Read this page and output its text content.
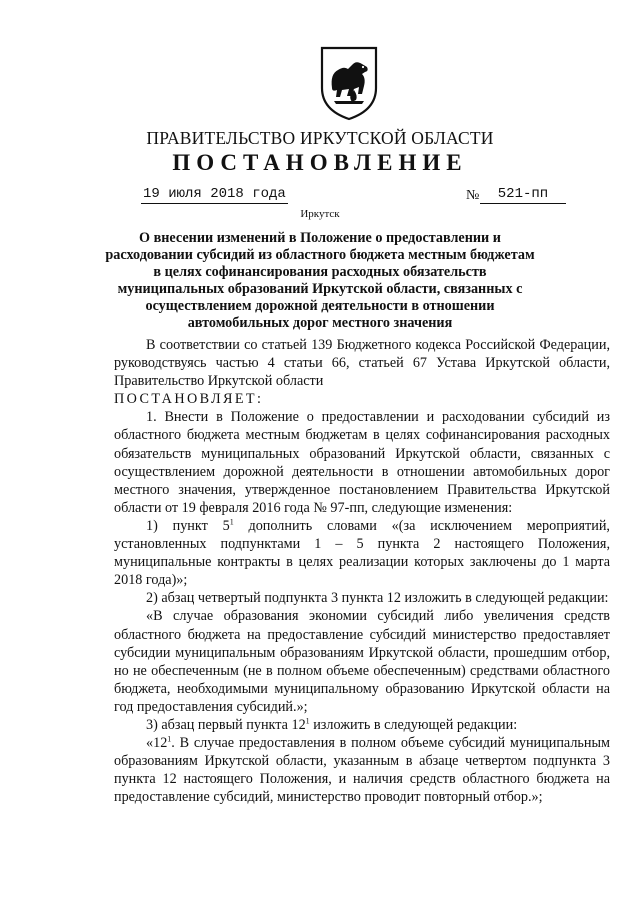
ПРАВИТЕЛЬСТВО ИРКУТСКОЙ ОБЛАСТИ
ПОСТАНОВЛЕНИЕ
19 июля 2018 года	№	521-пп
Иркутск
О внесении изменений в Положение о предоставлении и расходовании субсидий из областного бюджета местным бюджетам в целях софинансирования расходных обязательств муниципальных образований Иркутской области, связанных с осуществлением дорожной деятельности в отношении автомобильных дорог местного значения

В соответствии со статьей 139 Бюджетного кодекса Российской Федерации, руководствуясь частью 4 статьи 66, статьей 67 Устава Иркутской области, Правительство Иркутской области

ПОСТАНОВЛЯЕТ:

1. Внести в Положение о предоставлении и расходовании субсидий из областного бюджета местным бюджетам в целях софинансирования расходных обязательств муниципальных образований Иркутской области, связанных с осуществлением дорожной деятельности в отношении автомобильных дорог местного значения, утвержденное постановлением Правительства Иркутской области от 19 февраля 2016 года № 97-пп, следующие изменения:

1) пункт $5^1$ дополнить словами «(за исключением мероприятий, установленных подпунктами 1 – 5 пункта 2 настоящего Положения, муниципальные контракты в целях реализации которых заключены до 1 марта 2018 года)»;

2) абзац четвертый подпункта 3 пункта 12 изложить в следующей редакции:

«В случае образования экономии субсидий либо увеличения средств областного бюджета на предоставление субсидий министерство предоставляет субсидии муниципальным образованиям Иркутской области, прошедшим отбор, но не обеспеченным (не в полном объеме обеспеченным) средствами областного бюджета, необходимыми муниципальному образованию Иркутской области на год предоставления субсидий.»;

3) абзац первый пункта $12^1$ изложить в следующей редакции:

«$12^1$. В случае предоставления в полном объеме субсидий муниципальным образованиям Иркутской области, указанным в абзаце четвертом подпункта 3 пункта 12 настоящего Положения, и наличия средств областного бюджета на предоставление субсидий, министерство проводит повторный отбор.»;
